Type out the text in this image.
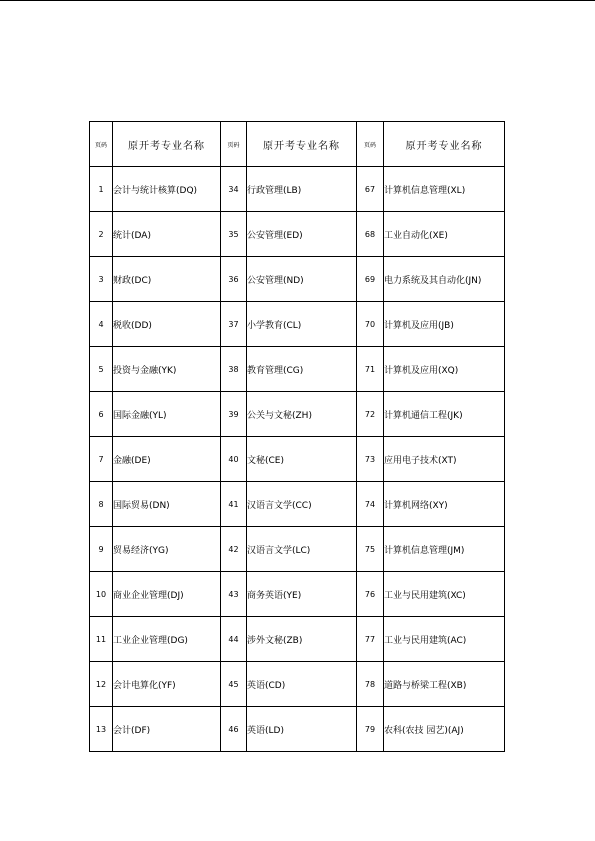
页码	原开考专业名称	页码	原开考专业名称	页码	原开考专业名称
1	会计与统计核算(DQ)	34	行政管理(LB)	67	计算机信息管理(XL)
2	统计(DA)	35	公安管理(ED)	68	工业自动化(XE)
3	财政(DC)	36	公安管理(ND)	69	电力系统及其自动化(JN)
4	税收(DD)	37	小学教育(CL)	70	计算机及应用(JB)
5	投资与金融(YK)	38	教育管理(CG)	71	计算机及应用(XQ)
6	国际金融(YL)	39	公关与文秘(ZH)	72	计算机通信工程(JK)
7	金融(DE)	40	文秘(CE)	73	应用电子技术(XT)
8	国际贸易(DN)	41	汉语言文学(CC)	74	计算机网络(XY)
9	贸易经济(YG)	42	汉语言文学(LC)	75	计算机信息管理(JM)
10	商业企业管理(DJ)	43	商务英语(YE)	76	工业与民用建筑(XC)
11	工业企业管理(DG)	44	涉外文秘(ZB)	77	工业与民用建筑(AC)
12	会计电算化(YF)	45	英语(CD)	78	道路与桥梁工程(XB)
13	会计(DF)	46	英语(LD)	79	农科(农技 园艺)(AJ)
